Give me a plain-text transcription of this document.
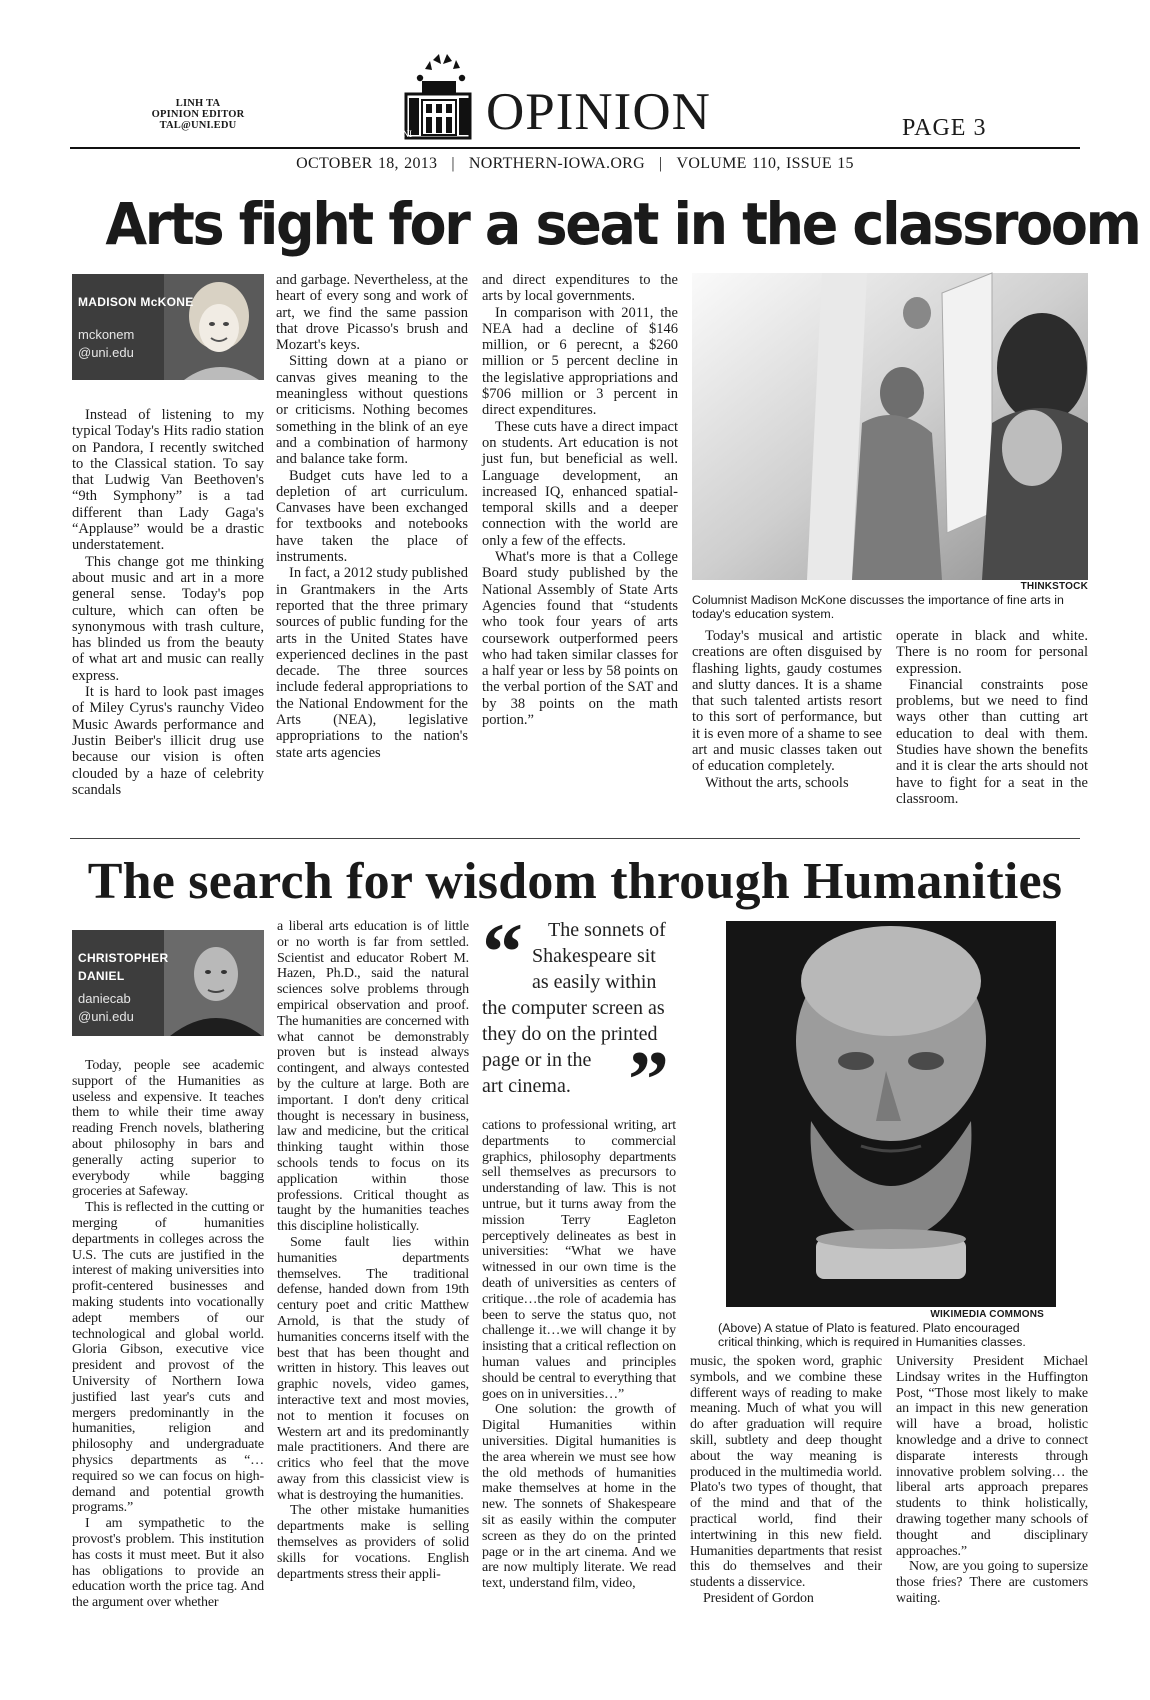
LINH TA
OPINION EDITOR
TAL@UNI.EDU
UNI OPINION	PAGE 3
OCTOBER 18, 2013 | NORTHERN-IOWA.ORG | VOLUME 110, ISSUE 15
Arts fight for a seat in the classroom
MADISON McKONE
mckonem
@uni.edu

Instead of listening to my typical Today's Hits radio station on Pandora, I recently switched to the Classical station. To say that Ludwig Van Beethoven's “9th Symphony” is a tad different than Lady Gaga's “Applause” would be a drastic understatement.

This change got me thinking about music and art in a more general sense. Today's pop culture, which can often be synonymous with trash culture, has blinded us from the beauty of what art and music can really express.

It is hard to look past images of Miley Cyrus's raunchy Video Music Awards performance and Justin Beiber's illicit drug use because our vision is often clouded by a haze of celebrity scandals

and garbage. Nevertheless, at the heart of every song and work of art, we find the same passion that drove Picasso's brush and Mozart's keys.

Sitting down at a piano or canvas gives meaning to the meaningless without questions or criticisms. Nothing becomes something in the blink of an eye and a combination of harmony and balance take form.

Budget cuts have led to a depletion of art curriculum. Canvases have been exchanged for textbooks and notebooks have taken the place of instruments.

In fact, a 2012 study published in Grantmakers in the Arts reported that the three primary sources of public funding for the arts in the United States have experienced declines in the past decade. The three sources include federal appropriations to the National Endowment for the Arts (NEA), legislative appropriations to the nation's state arts agencies

and direct expenditures to the arts by local governments.

In comparison with 2011, the NEA had a decline of $146 million, or 6 perecnt, a $260 million or 5 percent decline in the legislative appropriations and $706 million or 3 percent in direct expenditures.

These cuts have a direct impact on students. Art education is not just fun, but beneficial as well. Language development, an increased IQ, enhanced spatial-temporal skills and a deeper connection with the world are only a few of the effects.

What's more is that a College Board study published by the National Assembly of State Arts Agencies found that “students who took four years of arts coursework outperformed peers who had taken similar classes for a half year or less by 58 points on the verbal portion of the SAT and by 38 points on the math portion.”

THINKSTOCK
Columnist Madison McKone discusses the importance of fine arts in today's education system.

Today's musical and artistic creations are often disguised by flashing lights, gaudy costumes and slutty dances. It is a shame that such talented artists resort to this sort of performance, but it is even more of a shame to see art and music classes taken out of education completely.

Without the arts, schools

operate in black and white. There is no room for personal expression.

Financial constraints pose problems, but we need to find ways other than cutting art education to deal with them. Studies have shown the benefits and it is clear the arts should not have to fight for a seat in the classroom.

The search for wisdom through Humanities
CHRISTOPHER
DANIEL
daniecab
@uni.edu

Today, people see academic support of the Humanities as useless and expensive. It teaches them to while their time away reading French novels, blathering about philosophy in bars and generally acting superior to everybody while bagging groceries at Safeway.

This is reflected in the cutting or merging of humanities departments in colleges across the U.S. The cuts are justified in the interest of making universities into profit-centered businesses and making students into vocationally adept members of our technological and global world. Gloria Gibson, executive vice president and provost of the University of Northern Iowa justified last year's cuts and mergers predominantly in the humanities, religion and philosophy and undergraduate physics departments as “…required so we can focus on high-demand and potential growth programs.”

I am sympathetic to the provost's problem. This institution has costs it must meet. But it also has obligations to provide an education worth the price tag. And the argument over whether

a liberal arts education is of little or no worth is far from settled. Scientist and educator Robert M. Hazen, Ph.D., said the natural sciences solve problems through empirical observation and proof. The humanities are concerned with what cannot be demonstrably proven but is instead always contingent, and always contested by the culture at large. Both are important. I don't deny critical thought is necessary in business, law and medicine, but the critical thinking taught within those schools tends to focus on its application within those professions. Critical thought as taught by the humanities teaches this discipline holistically.

Some fault lies within humanities departments themselves. The traditional defense, handed down from 19th century poet and critic Matthew Arnold, is that the study of humanities concerns itself with the best that has been thought and written in history. This leaves out graphic novels, video games, interactive text and most movies, not to mention it focuses on Western art and its predominantly male practitioners. And there are critics who feel that the move away from this classicist view is what is destroying the humanities.

The other mistake humanities departments make is selling themselves as providers of solid skills for vocations. English departments stress their appli-

“
”
The sonnets of
Shakespeare sit
as easily within
the computer screen as
they do on the printed
page or in the
art cinema.

cations to professional writing, art departments to commercial graphics, philosophy departments sell themselves as precursors to understanding of law. This is not untrue, but it turns away from the mission Terry Eagleton perceptively delineates as best in universities: “What we have witnessed in our own time is the death of universities as centers of critique…the role of academia has been to serve the status quo, not challenge it…we will change it by insisting that a critical reflection on human values and principles should be central to everything that goes on in universities…”

One solution: the growth of Digital Humanities within universities. Digital humanities is the area wherein we must see how the old methods of humanities make themselves at home in the new. The sonnets of Shakespeare sit as easily within the computer screen as they do on the printed page or in the art cinema. And we are now multiply literate. We read text, understand film, video,

WIKIMEDIA COMMONS
(Above) A statue of Plato is featured. Plato encouraged critical thinking, which is required in Humanities classes.

music, the spoken word, graphic symbols, and we combine these different ways of reading to make meaning. Much of what you will do after graduation will require skill, subtlety and deep thought about the way meaning is produced in the multimedia world. Plato's two types of thought, that of the mind and that of the practical world, find their intertwining in this new field. Humanities departments that resist this do themselves and their students a disservice.

President of Gordon

University President Michael Lindsay writes in the Huffington Post, “Those most likely to make an impact in this new generation will have a broad, holistic knowledge and a drive to connect disparate interests through innovative problem solving… the liberal arts approach prepares students to think holistically, drawing together many schools of thought and disciplinary approaches.”

Now, are you going to supersize those fries? There are customers waiting.
